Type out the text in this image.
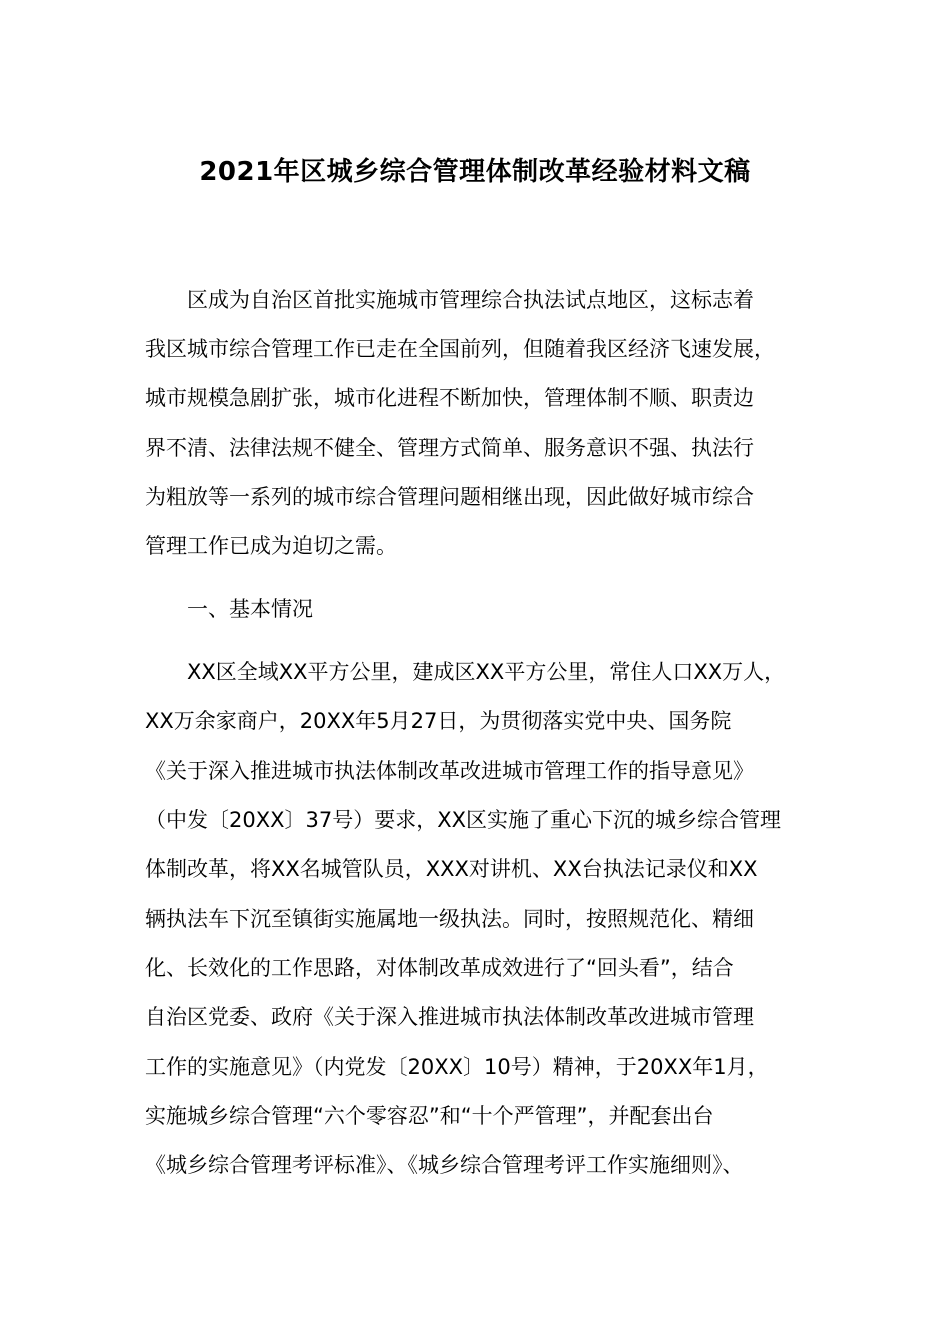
2021年区城乡综合管理体制改革经验材料文稿
区成为自治区首批实施城市管理综合执法试点地区，这标志着
我区城市综合管理工作已走在全国前列，但随着我区经济飞速发展，
城市规模急剧扩张，城市化进程不断加快，管理体制不顺、职责边
界不清、法律法规不健全、管理方式简单、服务意识不强、执法行
为粗放等一系列的城市综合管理问题相继出现，因此做好城市综合
管理工作已成为迫切之需。
一、基本情况
XX区全域XX平方公里，建成区XX平方公里，常住人口XX万人，
XX万余家商户，20XX年5月27日，为贯彻落实党中央、国务院
《关于深入推进城市执法体制改革改进城市管理工作的指导意见》
（中发〔20XX〕37号）要求，XX区实施了重心下沉的城乡综合管理
体制改革，将XX名城管队员，XXX对讲机、XX台执法记录仪和XX
辆执法车下沉至镇街实施属地一级执法。同时，按照规范化、精细
化、长效化的工作思路，对体制改革成效进行了“回头看”，结合
自治区党委、政府《关于深入推进城市执法体制改革改进城市管理
工作的实施意见》（内党发〔20XX〕10号）精神，于20XX年1月，
实施城乡综合管理“六个零容忍”和“十个严管理”，并配套出台
《城乡综合管理考评标准》、《城乡综合管理考评工作实施细则》、
